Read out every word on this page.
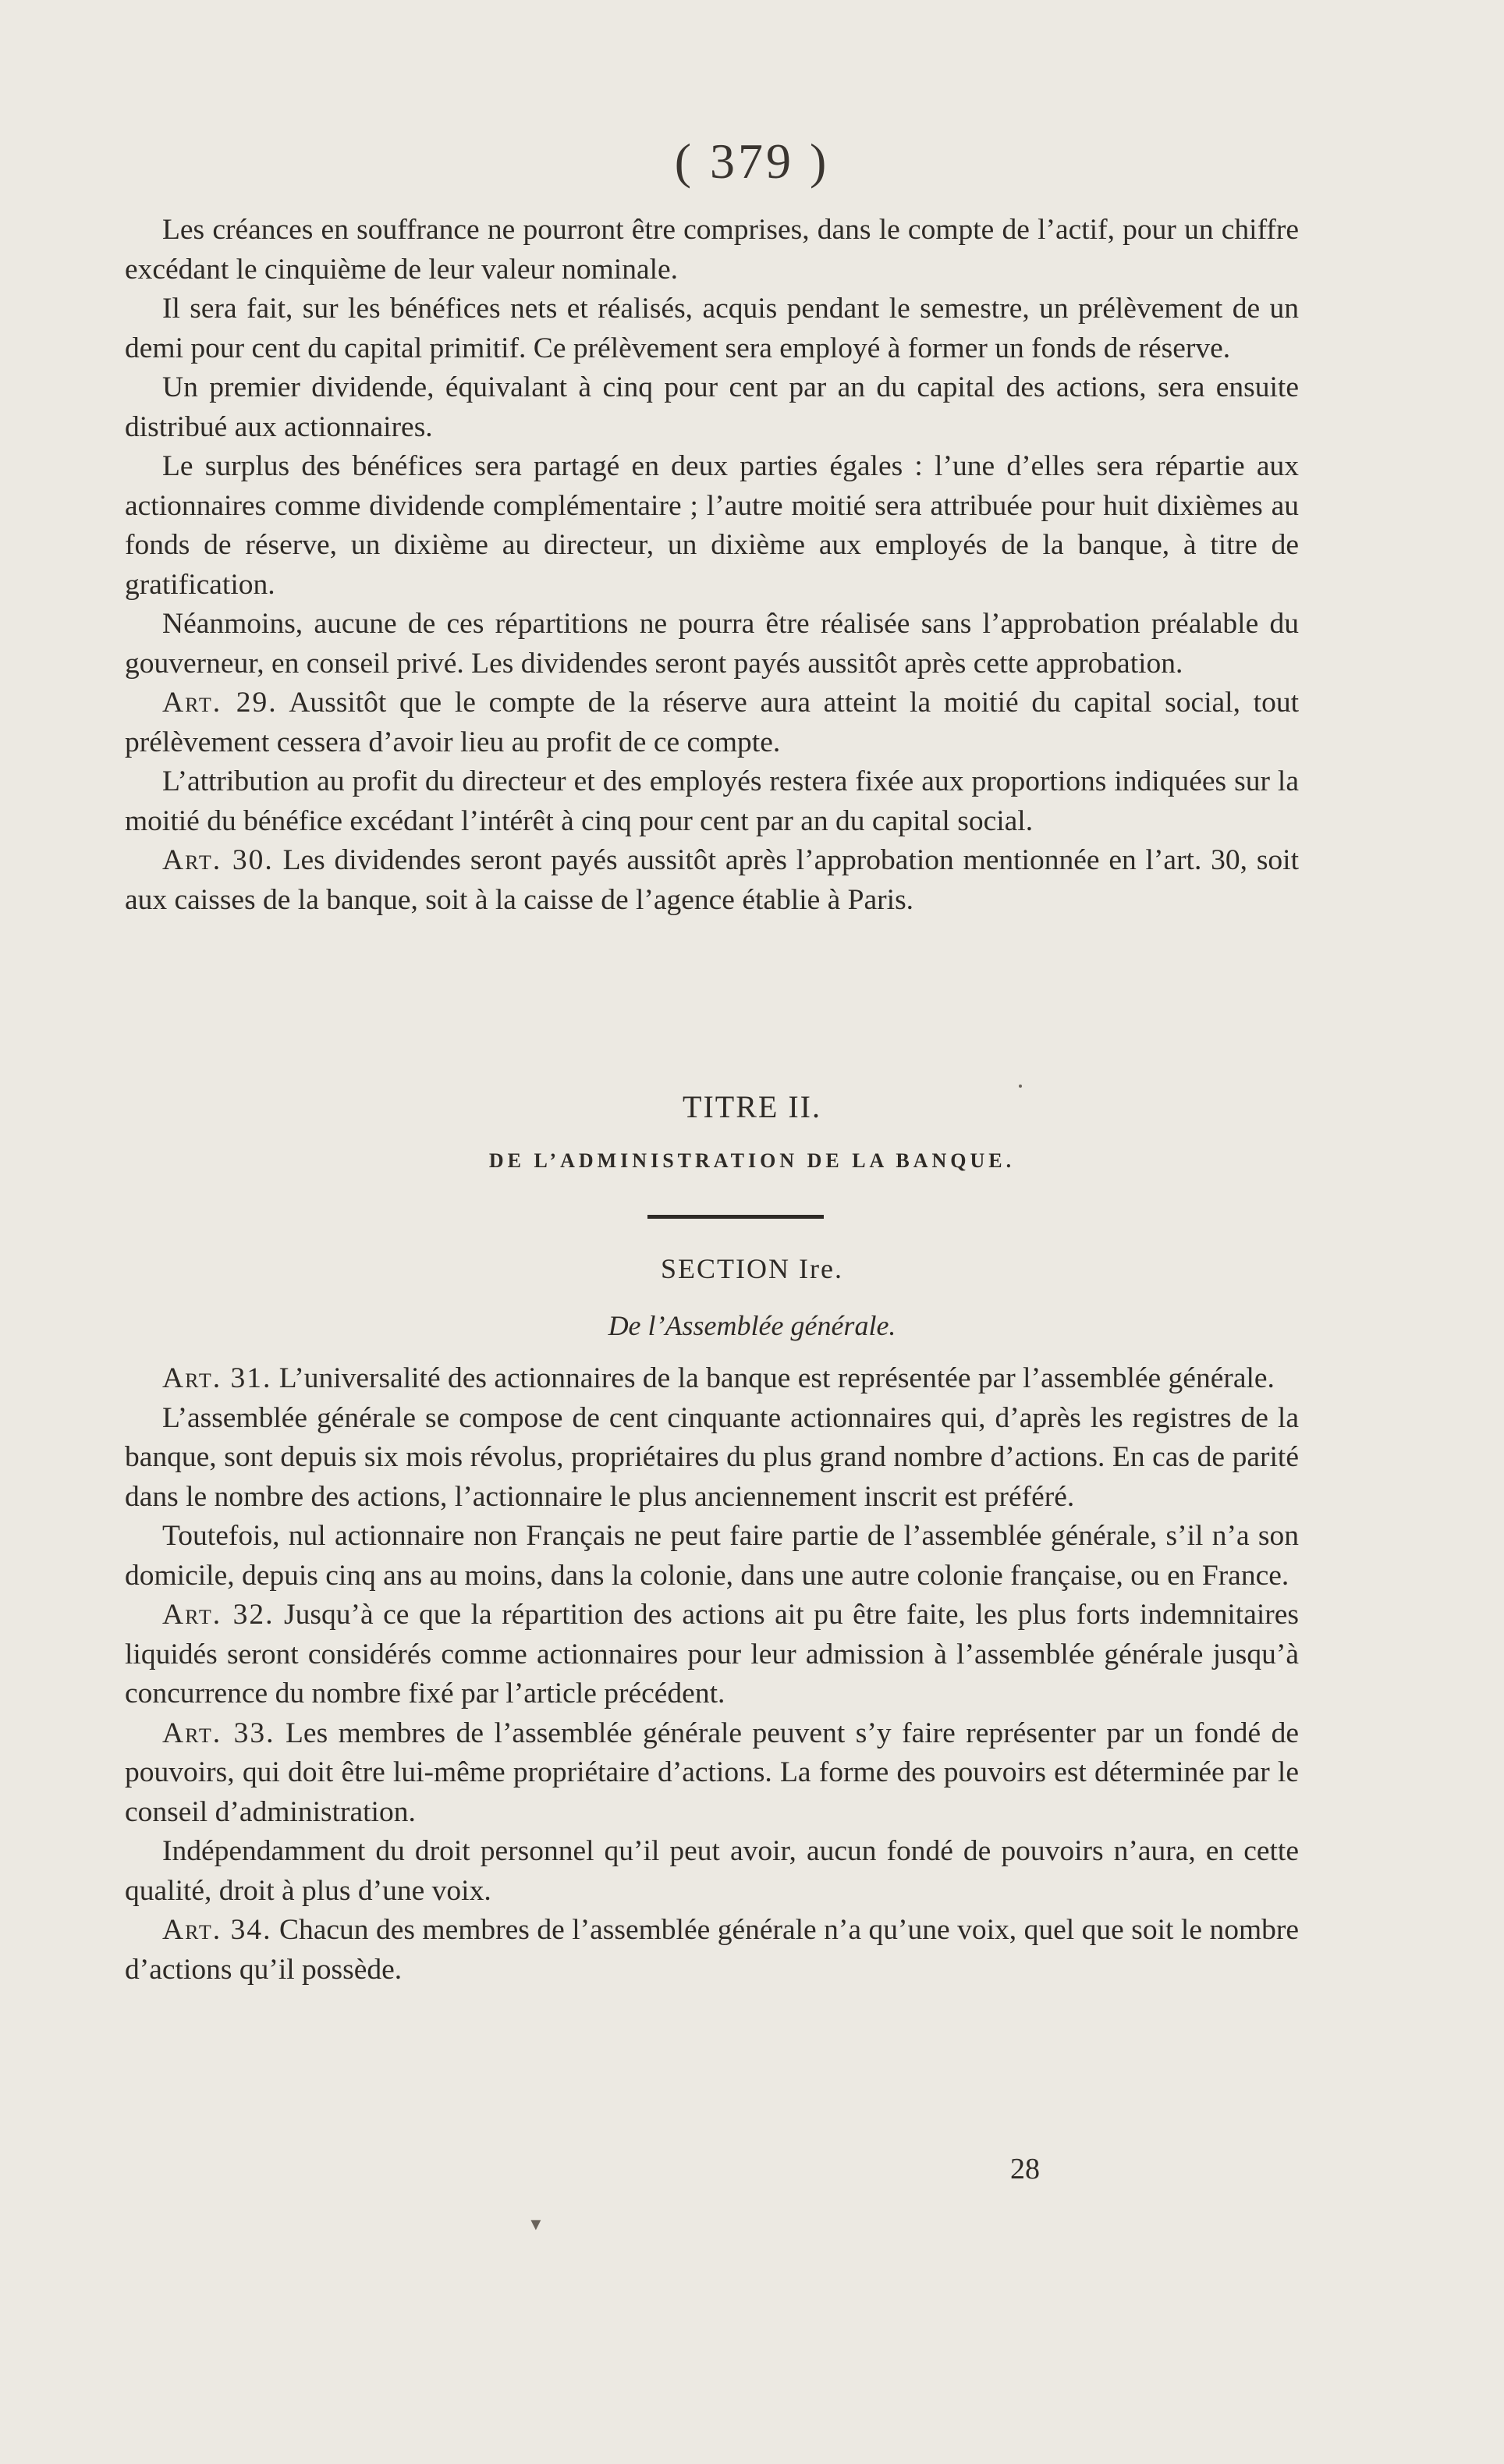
( 379 )

Les créances en souffrance ne pourront être comprises, dans le compte de l’actif, pour un chiffre excédant le cinquième de leur valeur nominale.

Il sera fait, sur les bénéfices nets et réalisés, acquis pendant le semestre, un prélèvement de un demi pour cent du capital primitif. Ce prélèvement sera employé à former un fonds de réserve.

Un premier dividende, équivalant à cinq pour cent par an du capital des actions, sera ensuite distribué aux actionnaires.

Le surplus des bénéfices sera partagé en deux parties égales : l’une d’elles sera répartie aux actionnaires comme dividende complémentaire ; l’autre moitié sera attribuée pour huit dixièmes au fonds de réserve, un dixième au directeur, un dixième aux employés de la banque, à titre de gratification.

Néanmoins, aucune de ces répartitions ne pourra être réalisée sans l’approbation préalable du gouverneur, en conseil privé. Les dividendes seront payés aussitôt après cette approbation.

Art. 29. Aussitôt que le compte de la réserve aura atteint la moitié du capital social, tout prélèvement cessera d’avoir lieu au profit de ce compte.

L’attribution au profit du directeur et des employés restera fixée aux proportions indiquées sur la moitié du bénéfice excédant l’intérêt à cinq pour cent par an du capital social.

Art. 30. Les dividendes seront payés aussitôt après l’approbation mentionnée en l’art. 30, soit aux caisses de la banque, soit à la caisse de l’agence établie à Paris.

TITRE II.
DE L’ADMINISTRATION DE LA BANQUE.
SECTION Ire.
De l’Assemblée générale.

Art. 31. L’universalité des actionnaires de la banque est représentée par l’assemblée générale.

L’assemblée générale se compose de cent cinquante actionnaires qui, d’après les registres de la banque, sont depuis six mois révolus, propriétaires du plus grand nombre d’actions. En cas de parité dans le nombre des actions, l’actionnaire le plus anciennement inscrit est préféré.

Toutefois, nul actionnaire non Français ne peut faire partie de l’assemblée générale, s’il n’a son domicile, depuis cinq ans au moins, dans la colonie, dans une autre colonie française, ou en France.

Art. 32. Jusqu’à ce que la répartition des actions ait pu être faite, les plus forts indemnitaires liquidés seront considérés comme actionnaires pour leur admission à l’assemblée générale jusqu’à concurrence du nombre fixé par l’article précédent.

Art. 33. Les membres de l’assemblée générale peuvent s’y faire représenter par un fondé de pouvoirs, qui doit être lui-même propriétaire d’actions. La forme des pouvoirs est déterminée par le conseil d’administration.

Indépendamment du droit personnel qu’il peut avoir, aucun fondé de pouvoirs n’aura, en cette qualité, droit à plus d’une voix.

Art. 34. Chacun des membres de l’assemblée générale n’a qu’une voix, quel que soit le nombre d’actions qu’il possède.

28
▼
